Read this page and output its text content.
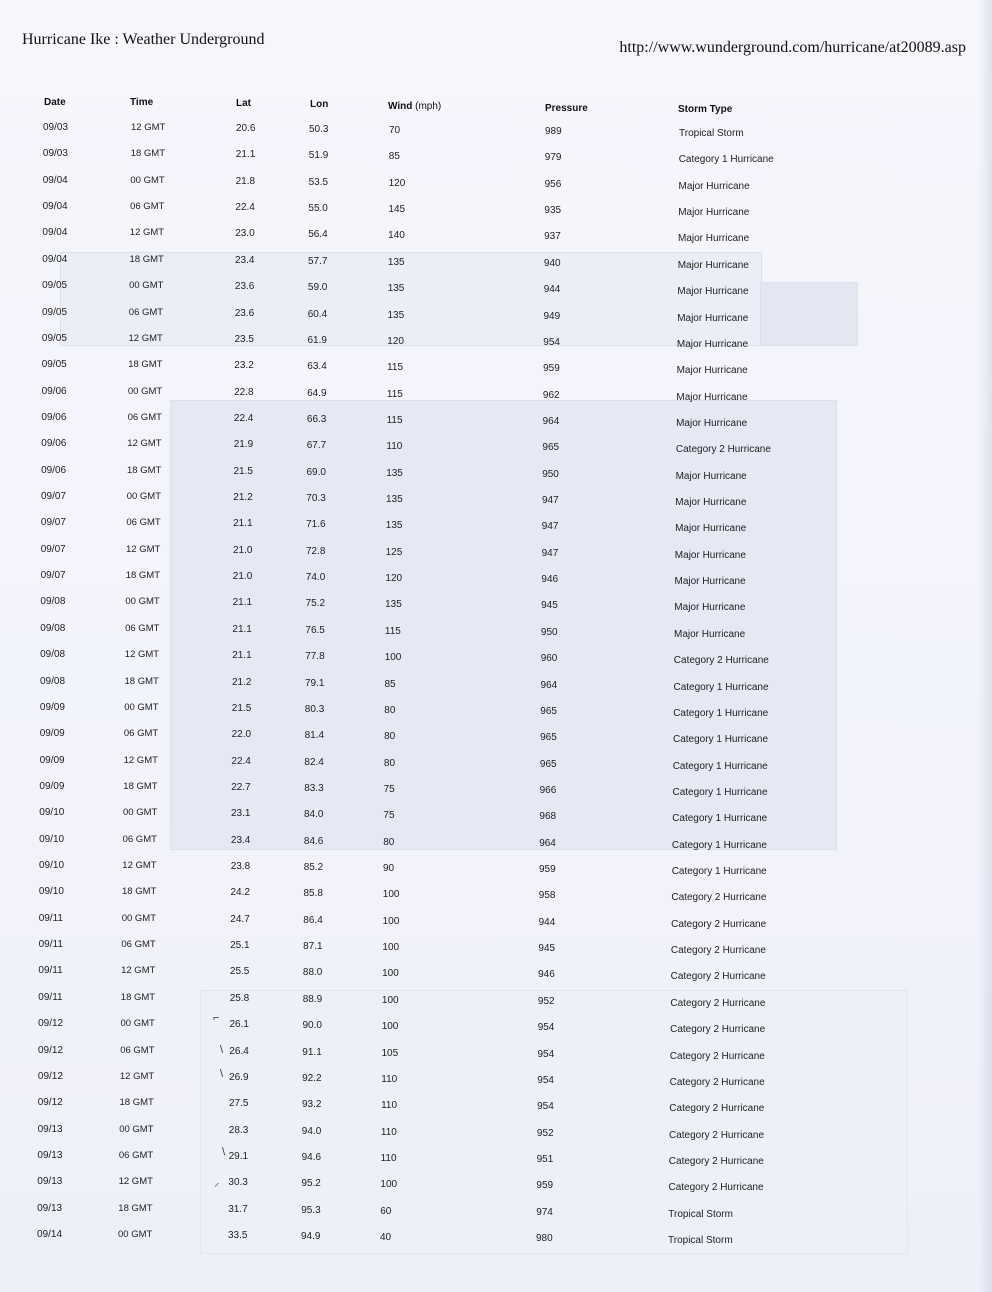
Hurricane Ike : Weather Underground	http://www.wunderground.com/hurricane/at20089.asp
Date	Time	Lat	Lon	Wind (mph)	Pressure	Storm Type
09/03	12 GMT	20.6	50.3	70	989	Tropical Storm
09/03	18 GMT	21.1	51.9	85	979	Category 1 Hurricane
09/04	00 GMT	21.8	53.5	120	956	Major Hurricane
09/04	06 GMT	22.4	55.0	145	935	Major Hurricane
09/04	12 GMT	23.0	56.4	140	937	Major Hurricane
09/04	18 GMT	23.4	57.7	135	940	Major Hurricane
09/05	00 GMT	23.6	59.0	135	944	Major Hurricane
09/05	06 GMT	23.6	60.4	135	949	Major Hurricane
09/05	12 GMT	23.5	61.9	120	954	Major Hurricane
09/05	18 GMT	23.2	63.4	115	959	Major Hurricane
09/06	00 GMT	22.8	64.9	115	962	Major Hurricane
09/06	06 GMT	22.4	66.3	115	964	Major Hurricane
09/06	12 GMT	21.9	67.7	110	965	Category 2 Hurricane
09/06	18 GMT	21.5	69.0	135	950	Major Hurricane
09/07	00 GMT	21.2	70.3	135	947	Major Hurricane
09/07	06 GMT	21.1	71.6	135	947	Major Hurricane
09/07	12 GMT	21.0	72.8	125	947	Major Hurricane
09/07	18 GMT	21.0	74.0	120	946	Major Hurricane
09/08	00 GMT	21.1	75.2	135	945	Major Hurricane
09/08	06 GMT	21.1	76.5	115	950	Major Hurricane
09/08	12 GMT	21.1	77.8	100	960	Category 2 Hurricane
09/08	18 GMT	21.2	79.1	85	964	Category 1 Hurricane
09/09	00 GMT	21.5	80.3	80	965	Category 1 Hurricane
09/09	06 GMT	22.0	81.4	80	965	Category 1 Hurricane
09/09	12 GMT	22.4	82.4	80	965	Category 1 Hurricane
09/09	18 GMT	22.7	83.3	75	966	Category 1 Hurricane
09/10	00 GMT	23.1	84.0	75	968	Category 1 Hurricane
09/10	06 GMT	23.4	84.6	80	964	Category 1 Hurricane
09/10	12 GMT	23.8	85.2	90	959	Category 1 Hurricane
09/10	18 GMT	24.2	85.8	100	958	Category 2 Hurricane
09/11	00 GMT	24.7	86.4	100	944	Category 2 Hurricane
09/11	06 GMT	25.1	87.1	100	945	Category 2 Hurricane
09/11	12 GMT	25.5	88.0	100	946	Category 2 Hurricane
09/11	18 GMT	25.8	88.9	100	952	Category 2 Hurricane
09/12	00 GMT	26.1	90.0	100	954	Category 2 Hurricane
09/12	06 GMT	26.4	91.1	105	954	Category 2 Hurricane
09/12	12 GMT	26.9	92.2	110	954	Category 2 Hurricane
09/12	18 GMT	27.5	93.2	110	954	Category 2 Hurricane
09/13	00 GMT	28.3	94.0	110	952	Category 2 Hurricane
09/13	06 GMT	29.1	94.6	110	951	Category 2 Hurricane
09/13	12 GMT	30.3	95.2	100	959	Category 2 Hurricane
09/13	18 GMT	31.7	95.3	60	974	Tropical Storm
09/14	00 GMT	33.5	94.9	40	980	Tropical Storm
⌐
\
\
\
⸝
